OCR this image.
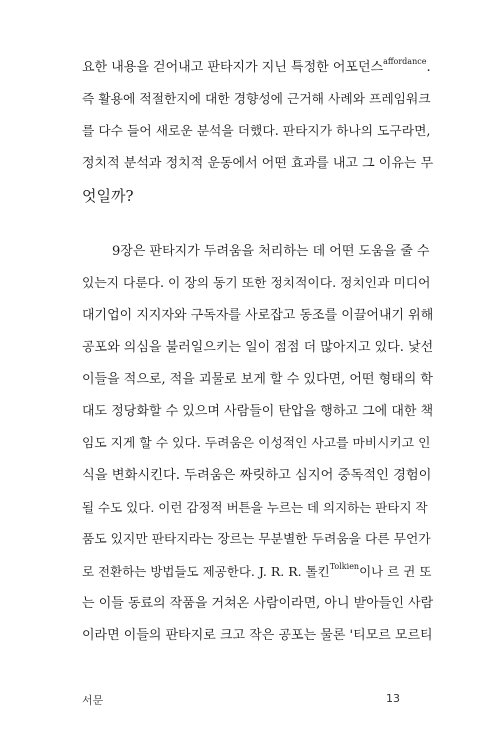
요한 내용을 걷어내고 판타지가 지닌 특정한 어포던스$^{affordance}$.
즉 활용에 적절한지에 대한 경향성에 근거해 사례와 프레임워크
를 다수 들어 새로운 분석을 더했다. 판타지가 하나의 도구라면,
정치적 분석과 정치적 운동에서 어떤 효과를 내고 그 이유는 무
엇일까?
9장은 판타지가 두려움을 처리하는 데 어떤 도움을 줄 수
있는지 다룬다. 이 장의 동기 또한 정치적이다. 정치인과 미디어
대기업이 지지자와 구독자를 사로잡고 동조를 이끌어내기 위해
공포와 의심을 불러일으키는 일이 점점 더 많아지고 있다. 낯선
이들을 적으로, 적을 괴물로 보게 할 수 있다면, 어떤 형태의 학
대도 정당화할 수 있으며 사람들이 탄압을 행하고 그에 대한 책
임도 지게 할 수 있다. 두려움은 이성적인 사고를 마비시키고 인
식을 변화시킨다. 두려움은 짜릿하고 심지어 중독적인 경험이
될 수도 있다. 이런 감정적 버튼을 누르는 데 의지하는 판타지 작
품도 있지만 판타지라는 장르는 무분별한 두려움을 다른 무언가
로 전환하는 방법들도 제공한다. J. R. R. 톨킨$^{Tolkien}$이나 르 귄 또
는 이들 동료의 작품을 거쳐온 사람이라면, 아니 받아들인 사람
이라면 이들의 판타지로 크고 작은 공포는 물론 '티모르 모르티
서문	13
